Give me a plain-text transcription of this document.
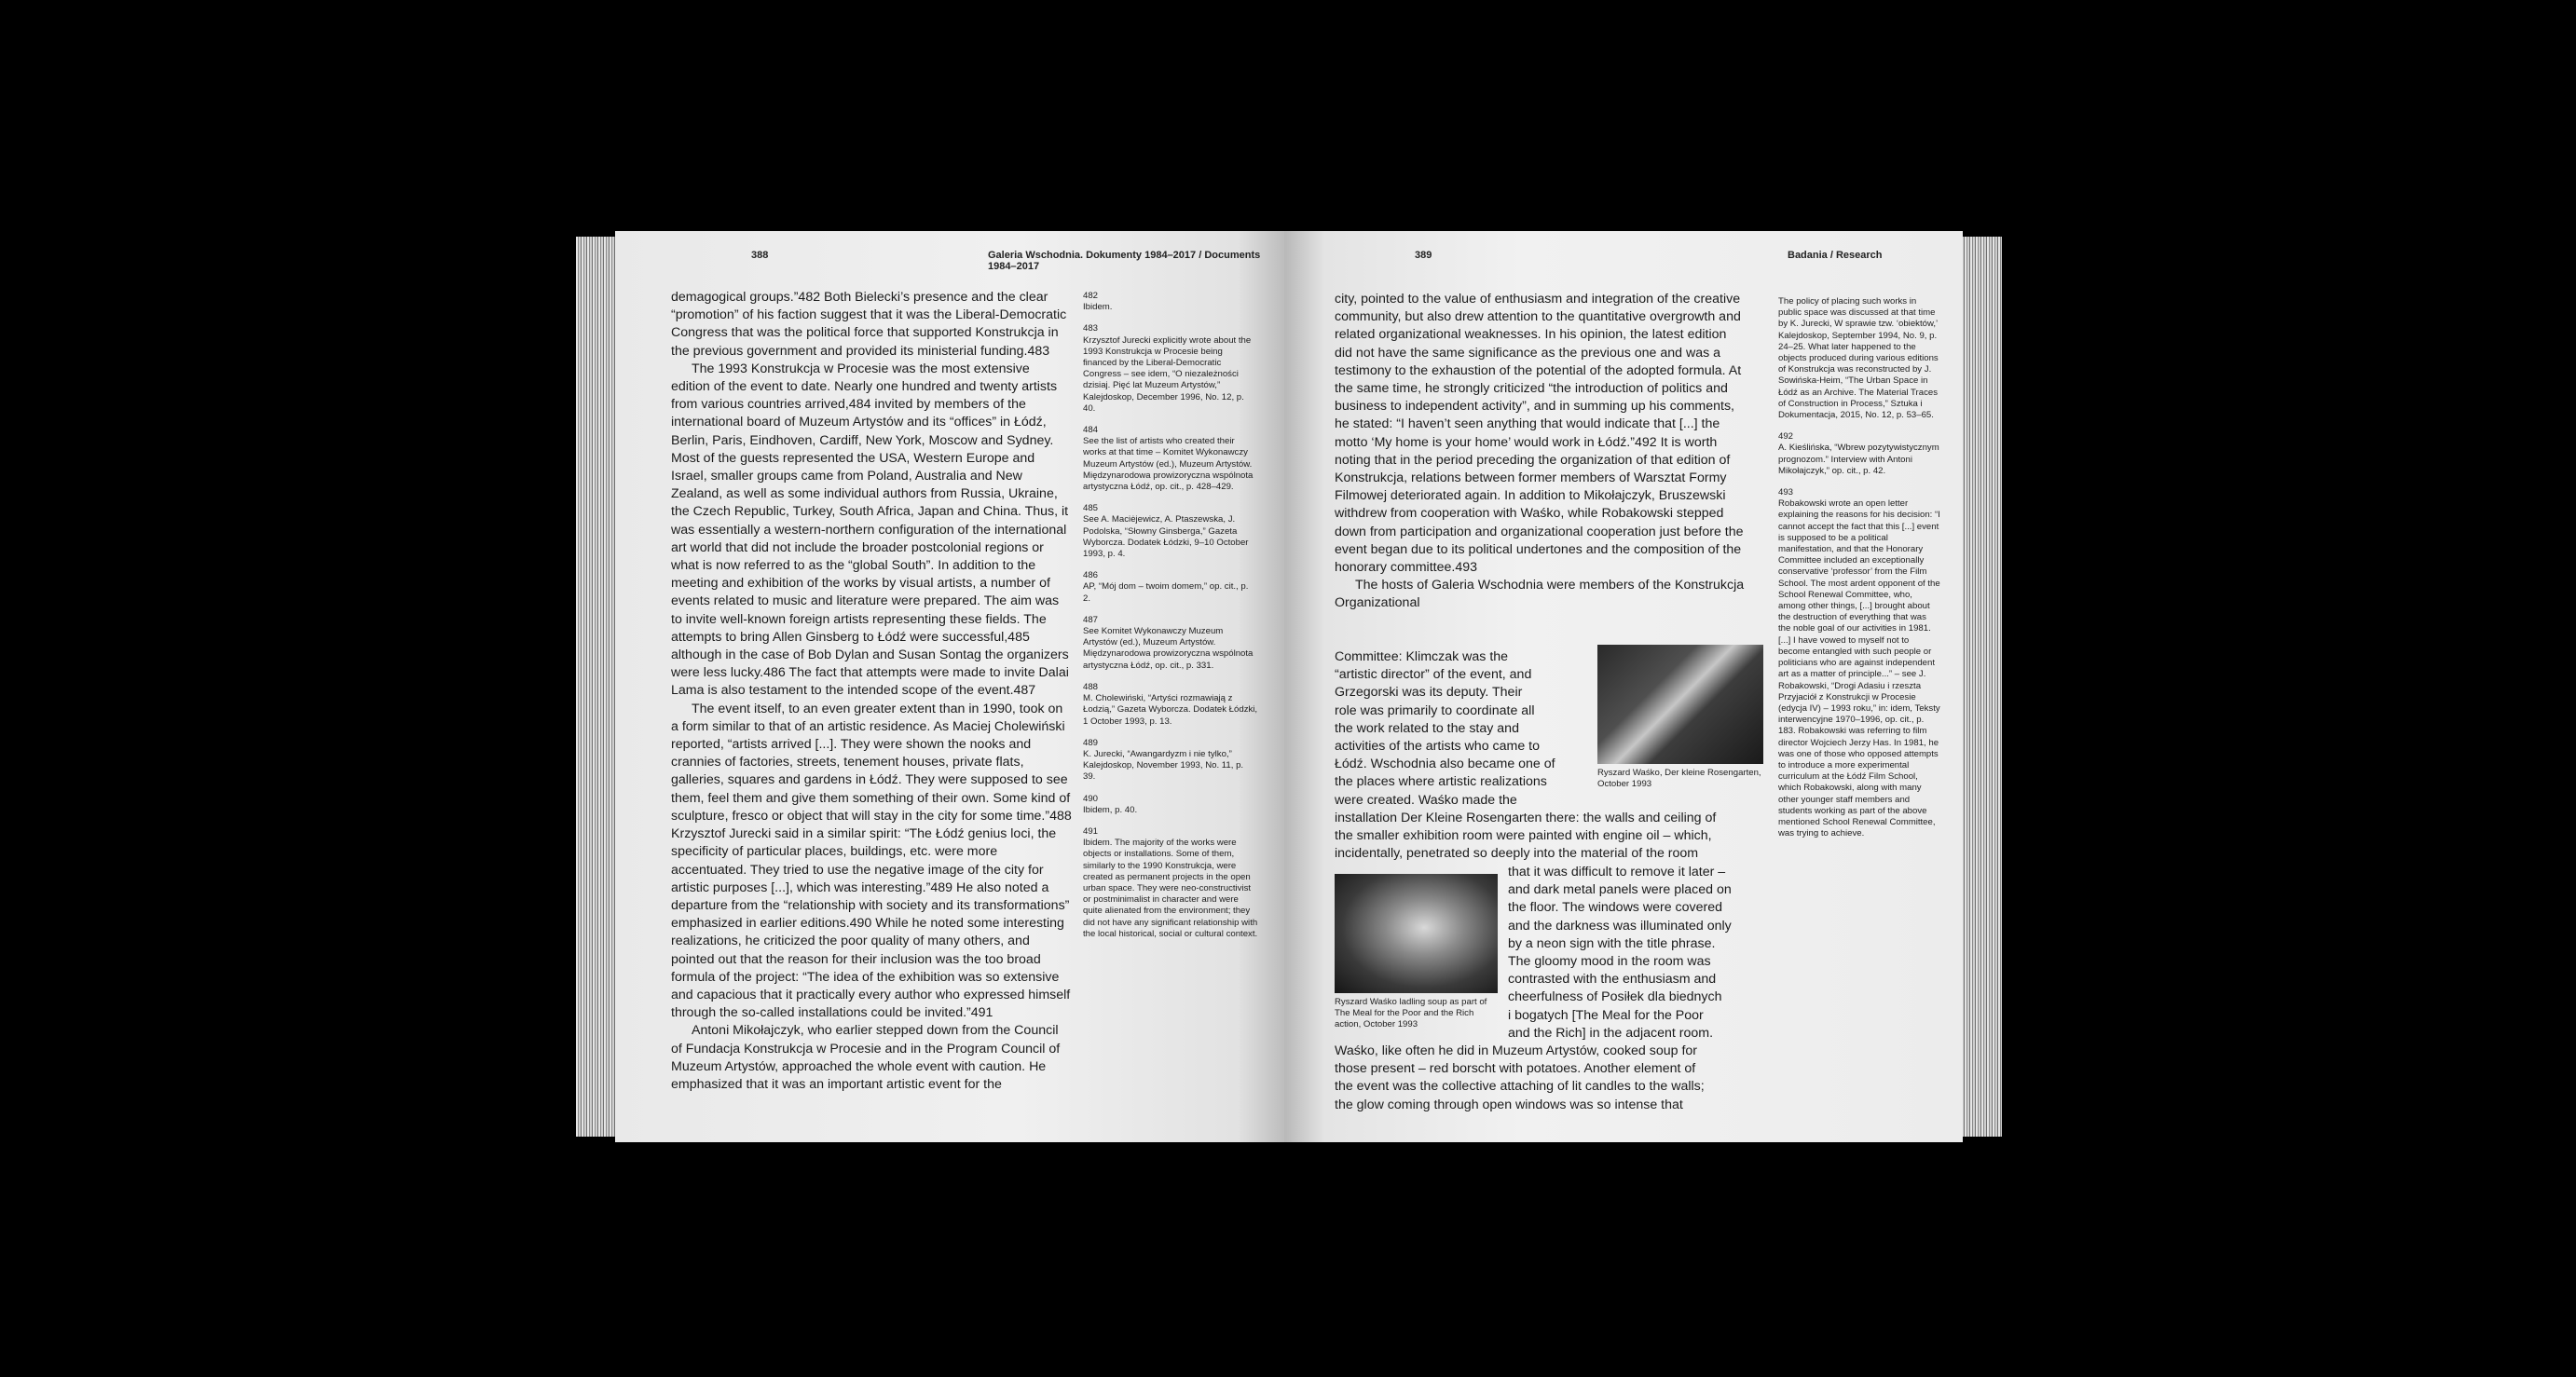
388	Galeria Wschodnia. Dokumenty 1984–2017 / Documents 1984–2017

demagogical groups.”482 Both Bielecki’s presence and the clear “promotion” of his faction suggest that it was the Liberal-Democratic Congress that was the political force that supported Konstrukcja in the previous government and provided its ministerial funding.483

The 1993 Konstrukcja w Procesie was the most extensive edition of the event to date. Nearly one hundred and twenty artists from various countries arrived,484 invited by members of the international board of Muzeum Artystów and its “offices” in Łódź, Berlin, Paris, Eindhoven, Cardiff, New York, Moscow and Sydney. Most of the guests represented the USA, Western Europe and Israel, smaller groups came from Poland, Australia and New Zealand, as well as some individual authors from Russia, Ukraine, the Czech Republic, Turkey, South Africa, Japan and China. Thus, it was essentially a western-northern configuration of the international art world that did not include the broader postcolonial regions or what is now referred to as the “global South”. In addition to the meeting and exhibition of the works by visual artists, a number of events related to music and literature were prepared. The aim was to invite well-known foreign artists representing these fields. The attempts to bring Allen Ginsberg to Łódź were successful,485 although in the case of Bob Dylan and Susan Sontag the organizers were less lucky.486 The fact that attempts were made to invite Dalai Lama is also testament to the intended scope of the event.487

The event itself, to an even greater extent than in 1990, took on a form similar to that of an artistic residence. As Maciej Cholewiński reported, “artists arrived [...]. They were shown the nooks and crannies of factories, streets, tenement houses, private flats, galleries, squares and gardens in Łódź. They were supposed to see them, feel them and give them something of their own. Some kind of sculpture, fresco or object that will stay in the city for some time.”488 Krzysztof Jurecki said in a similar spirit: “The Łódź genius loci, the specificity of particular places, buildings, etc. were more accentuated. They tried to use the negative image of the city for artistic purposes [...], which was interesting.”489 He also noted a departure from the “relationship with society and its transformations” emphasized in earlier editions.490 While he noted some interesting realizations, he criticized the poor quality of many others, and pointed out that the reason for their inclusion was the too broad formula of the project: “The idea of the exhibition was so extensive and capacious that it practically every author who expressed himself through the so-called installations could be invited.”491

Antoni Mikołajczyk, who earlier stepped down from the Council of Fundacja Konstrukcja w Procesie and in the Program Council of Muzeum Artystów, approached the whole event with caution. He emphasized that it was an important artistic event for the

482
Ibidem.
483
Krzysztof Jurecki explicitly wrote about the 1993 Konstrukcja w Procesie being financed by the Liberal-Democratic Congress – see idem, “O niezależności dzisiaj. Pięć lat Muzeum Artystów,” Kalejdoskop, December 1996, No. 12, p. 40.
484
See the list of artists who created their works at that time – Komitet Wykonawczy Muzeum Artystów (ed.), Muzeum Artystów. Międzynarodowa prowizoryczna wspólnota artystyczna Łódź, op. cit., p. 428–429.
485
See A. Maciėjewicz, A. Ptaszewska, J. Podolska, “Słowny Ginsberga,” Gazeta Wyborcza. Dodatek Łódzki, 9–10 October 1993, p. 4.
486
AP, “Mój dom – twoim domem,” op. cit., p. 2.
487
See Komitet Wykonawczy Muzeum Artystów (ed.), Muzeum Artystów. Międzynarodowa prowizoryczna wspólnota artystyczna Łódź, op. cit., p. 331.
488
M. Cholewiński, “Artyści rozmawiają z Łodzią,” Gazeta Wyborcza. Dodatek Łódzki, 1 October 1993, p. 13.
489
K. Jurecki, “Awangardyzm i nie tylko,” Kalejdoskop, November 1993, No. 11, p. 39.
490
Ibidem, p. 40.
491
Ibidem. The majority of the works were objects or installations. Some of them, similarly to the 1990 Konstrukcja, were created as permanent projects in the open urban space. They were neo-constructivist or postminimalist in character and were quite alienated from the environment; they did not have any significant relationship with the local historical, social or cultural context.
389	Badania / Research

city, pointed to the value of enthusiasm and integration of the creative community, but also drew attention to the quantitative overgrowth and related organizational weaknesses. In his opinion, the latest edition did not have the same significance as the previous one and was a testimony to the exhaustion of the potential of the adopted formula. At the same time, he strongly criticized “the introduction of politics and business to independent activity”, and in summing up his comments, he stated: “I haven’t seen anything that would indicate that [...] the motto ‘My home is your home’ would work in Łódź.”492 It is worth noting that in the period preceding the organization of that edition of Konstrukcja, relations between former members of Warsztat Formy Filmowej deteriorated again. In addition to Mikołajczyk, Bruszewski withdrew from cooperation with Waśko, while Robakowski stepped down from participation and organizational cooperation just before the event began due to its political undertones and the composition of the honorary committee.493

The hosts of Galeria Wschodnia were members of the Konstrukcja Organizational

Committee: Klimczak was the

“artistic director” of the event, and

Grzegorski was its deputy. Their

role was primarily to coordinate all

the work related to the stay and

activities of the artists who came to

Łódź. Wschodnia also became one of

the places where artistic realizations

were created. Waśko made the

Ryszard Waśko, Der kleine Rosengarten, October 1993

installation Der Kleine Rosengarten there: the walls and ceiling of

the smaller exhibition room were painted with engine oil – which,

incidentally, penetrated so deeply into the material of the room

Ryszard Waśko ladling soup as part of The Meal for the Poor and the Rich action, October 1993

that it was difficult to remove it later –

and dark metal panels were placed on

the floor. The windows were covered

and the darkness was illuminated only

by a neon sign with the title phrase.

The gloomy mood in the room was

contrasted with the enthusiasm and

cheerfulness of Posiłek dla biednych

i bogatych [The Meal for the Poor

and the Rich] in the adjacent room.

Waśko, like often he did in Muzeum Artystów, cooked soup for

those present – red borscht with potatoes. Another element of

the event was the collective attaching of lit candles to the walls;

the glow coming through open windows was so intense that

The policy of placing such works in public space was discussed at that time by K. Jurecki, W sprawie tzw. ‘obiektów,’ Kalejdoskop, September 1994, No. 9, p. 24–25. What later happened to the objects produced during various editions of Konstrukcja was reconstructed by J. Sowińska-Heim, “The Urban Space in Łódź as an Archive. The Material Traces of Construction in Process,” Sztuka i Dokumentacja, 2015, No. 12, p. 53–65.
492
A. Kieślińska, “Wbrew pozytywistycznym prognozom.” Interview with Antoni Mikołajczyk,” op. cit., p. 42.
493
Robakowski wrote an open letter explaining the reasons for his decision: “I cannot accept the fact that this [...] event is supposed to be a political manifestation, and that the Honorary Committee included an exceptionally conservative ‘professor’ from the Film School. The most ardent opponent of the School Renewal Committee, who, among other things, [...] brought about the destruction of everything that was the noble goal of our activities in 1981. [...] I have vowed to myself not to become entangled with such people or politicians who are against independent art as a matter of principle...” – see J. Robakowski, “Drogi Adasiu i rzeszta Przyjaciół z Konstrukcji w Procesie (edycja IV) – 1993 roku,” in: idem, Teksty interwencyjne 1970–1996, op. cit., p. 183. Robakowski was referring to film director Wojciech Jerzy Has. In 1981, he was one of those who opposed attempts to introduce a more experimental curriculum at the Łódź Film School, which Robakowski, along with many other younger staff members and students working as part of the above mentioned School Renewal Committee, was trying to achieve.
